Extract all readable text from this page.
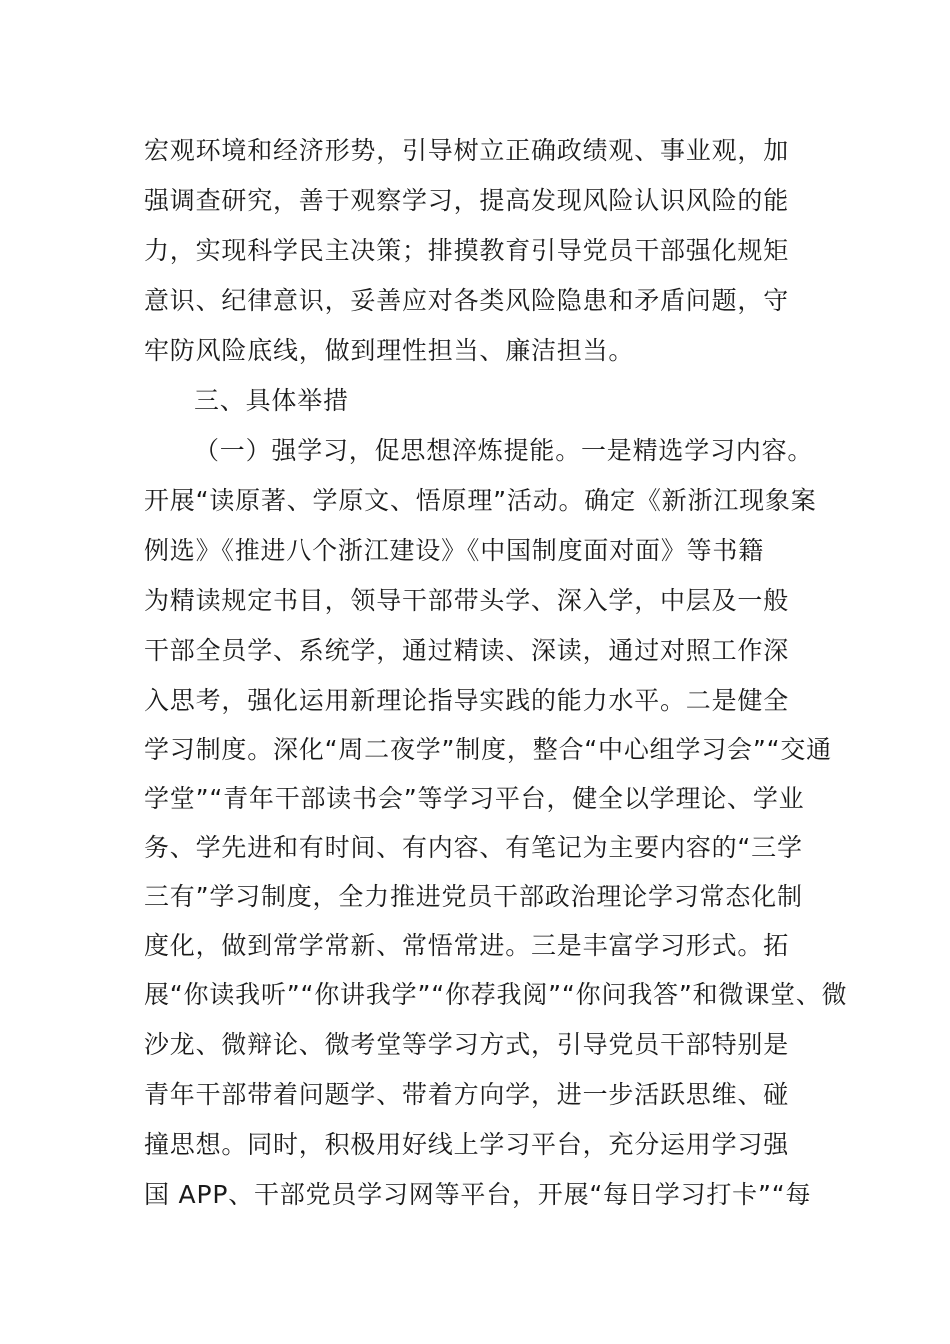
宏观环境和经济形势，引导树立正确政绩观、事业观，加
强调查研究，善于观察学习，提高发现风险认识风险的能
力，实现科学民主决策；排摸教育引导党员干部强化规矩
意识、纪律意识，妥善应对各类风险隐患和矛盾问题，守
牢防风险底线，做到理性担当、廉洁担当。
三、具体举措
（一）强学习，促思想淬炼提能。一是精选学习内容。
开展“读原著、学原文、悟原理”活动。确定《新浙江现象案
例选》《推进八个浙江建设》《中国制度面对面》等书籍
为精读规定书目，领导干部带头学、深入学，中层及一般
干部全员学、系统学，通过精读、深读，通过对照工作深
入思考，强化运用新理论指导实践的能力水平。二是健全
学习制度。深化“周二夜学”制度，整合“中心组学习会”“交通
学堂”“青年干部读书会”等学习平台，健全以学理论、学业
务、学先进和有时间、有内容、有笔记为主要内容的“三学
三有”学习制度，全力推进党员干部政治理论学习常态化制
度化，做到常学常新、常悟常进。三是丰富学习形式。拓
展“你读我听”“你讲我学”“你荐我阅”“你问我答”和微课堂、微
沙龙、微辩论、微考堂等学习方式，引导党员干部特别是
青年干部带着问题学、带着方向学，进一步活跃思维、碰
撞思想。同时，积极用好线上学习平台，充分运用学习强
国 APP、干部党员学习网等平台，开展“每日学习打卡”“每
